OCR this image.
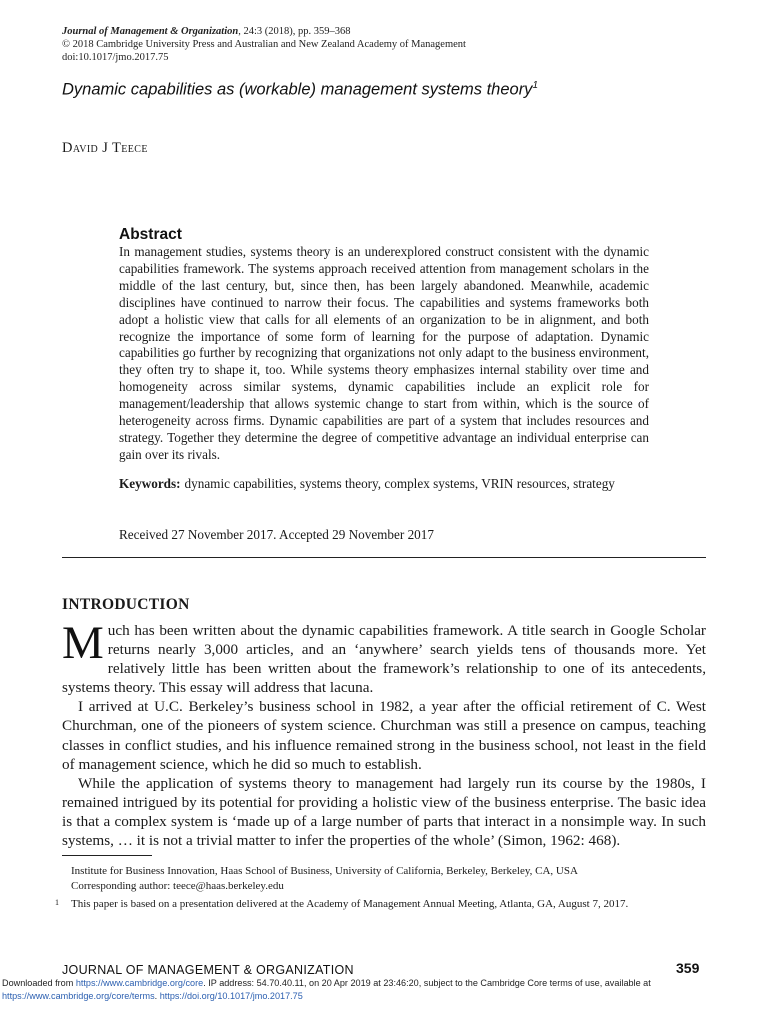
Journal of Management & Organization, 24:3 (2018), pp. 359–368
© 2018 Cambridge University Press and Australian and New Zealand Academy of Management
doi:10.1017/jmo.2017.75
Dynamic capabilities as (workable) management systems theory$^1$
David J Teece
Abstract
In management studies, systems theory is an underexplored construct consistent with the dynamic capabilities framework. The systems approach received attention from management scholars in the middle of the last century, but, since then, has been largely abandoned. Meanwhile, academic disciplines have continued to narrow their focus. The capabilities and systems frameworks both adopt a holistic view that calls for all elements of an organization to be in alignment, and both recognize the importance of some form of learning for the purpose of adaptation. Dynamic capabilities go further by recognizing that organizations not only adapt to the business environment, they often try to shape it, too. While systems theory emphasizes internal stability over time and homogeneity across similar systems, dynamic capabilities include an explicit role for management/leadership that allows systemic change to start from within, which is the source of heterogeneity across firms. Dynamic capabilities are part of a system that includes resources and strategy. Together they determine the degree of competitive advantage an individual enterprise can gain over its rivals.
Keywords: dynamic capabilities, systems theory, complex systems, VRIN resources, strategy
Received 27 November 2017. Accepted 29 November 2017
INTRODUCTION

Much has been written about the dynamic capabilities framework. A title search in Google Scholar returns nearly 3,000 articles, and an ‘anywhere’ search yields tens of thousands more. Yet relatively little has been written about the framework’s relationship to one of its antecedents, systems theory. This essay will address that lacuna.

I arrived at U.C. Berkeley’s business school in 1982, a year after the official retirement of C. West Churchman, one of the pioneers of system science. Churchman was still a presence on campus, teaching classes in conflict studies, and his influence remained strong in the business school, not least in the field of management science, which he did so much to establish.

While the application of systems theory to management had largely run its course by the 1980s, I remained intrigued by its potential for providing a holistic view of the business enterprise. The basic idea is that a complex system is ‘made up of a large number of parts that interact in a nonsimple way. In such systems, … it is not a trivial matter to infer the properties of the whole’ (Simon, 1962: 468).

Institute for Business Innovation, Haas School of Business, University of California, Berkeley, Berkeley, CA, USA
Corresponding author: teece@haas.berkeley.edu
1	This paper is based on a presentation delivered at the Academy of Management Annual Meeting, Atlanta, GA, August 7, 2017.
JOURNAL OF MANAGEMENT & ORGANIZATION	359
Downloaded from https://www.cambridge.org/core. IP address: 54.70.40.11, on 20 Apr 2019 at 23:46:20, subject to the Cambridge Core terms of use, available at
https://www.cambridge.org/core/terms. https://doi.org/10.1017/jmo.2017.75
